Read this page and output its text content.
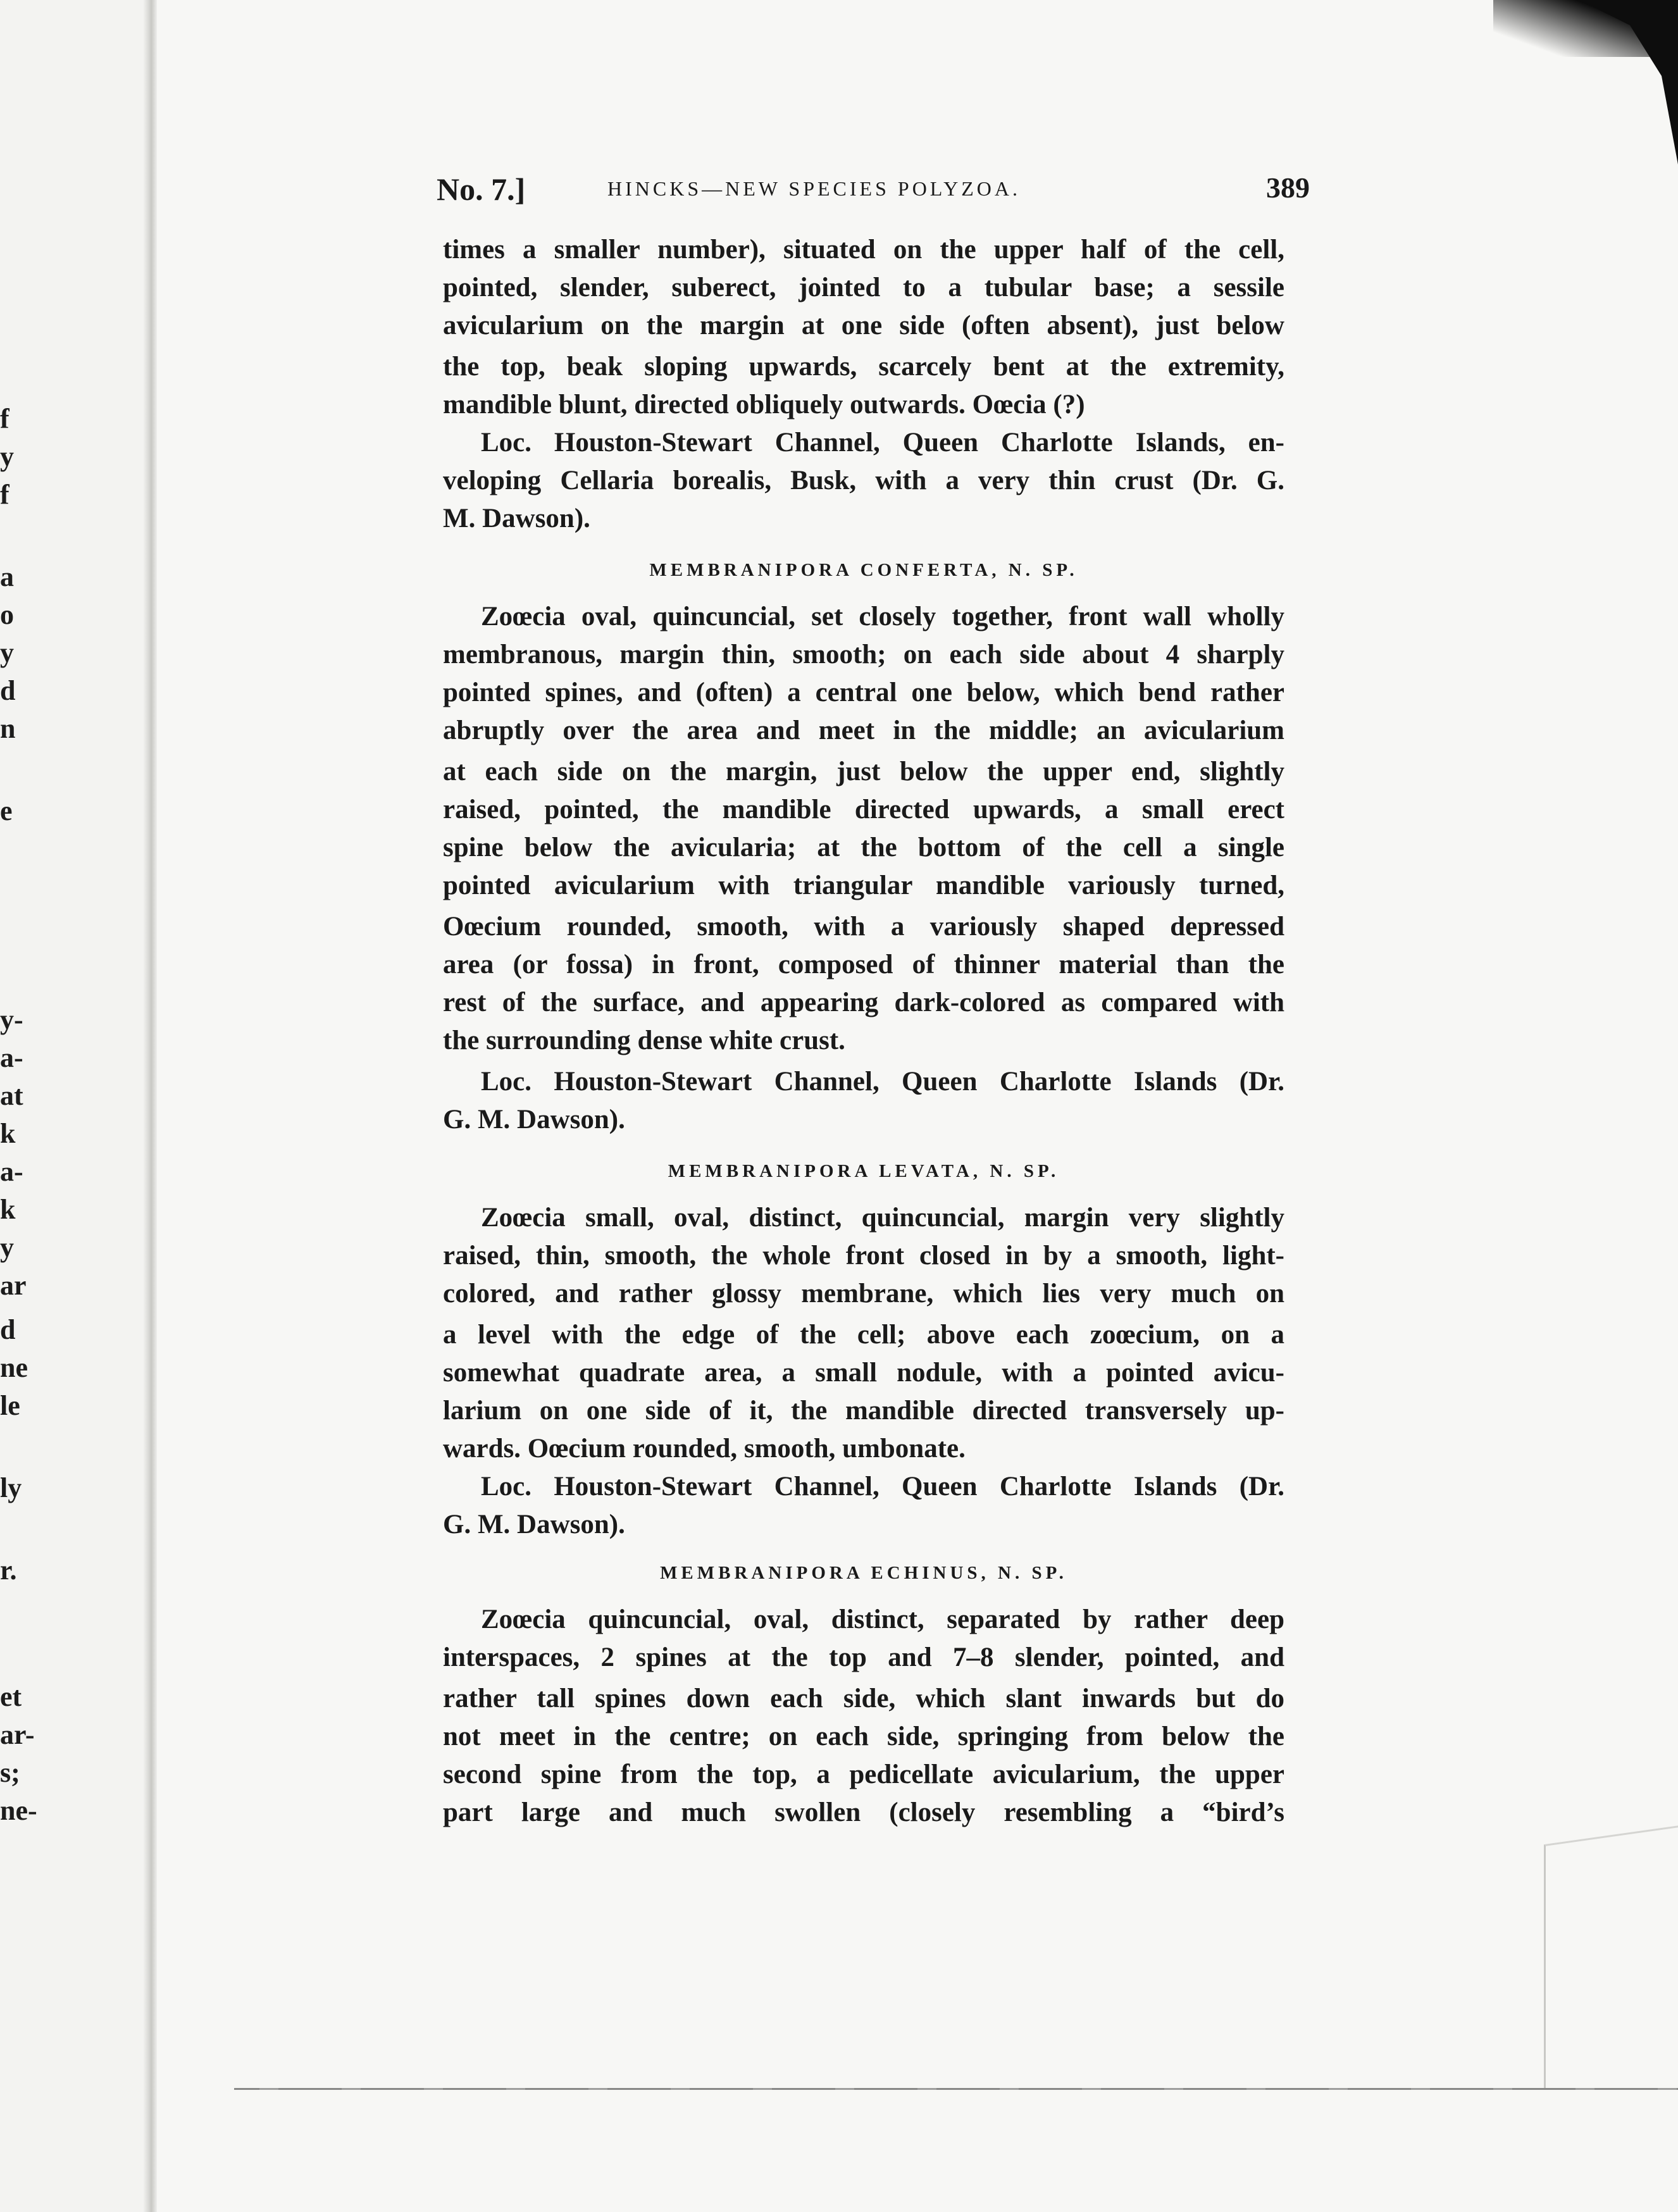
f
y
f
a
o
y
d
n
e
y-
a-
at
k
a-
k
y
ar
d
ne
le
ly
r.
et
ar-
s;
ne-
No. 7.]	HINCKS—NEW SPECIES POLYZOA.	389
times a smaller number), situated on the upper half of the cell,
pointed, slender, suberect, jointed to a tubular base; a sessile
avicularium on the margin at one side (often absent), just below
the top, beak sloping upwards, scarcely bent at the extremity,
mandible blunt, directed obliquely outwards. Oœcia (?)
Loc. Houston-Stewart Channel, Queen Charlotte Islands, en-
veloping Cellaria borealis, Busk, with a very thin crust (Dr. G.
M. Dawson).
MEMBRANIPORA CONFERTA, N. SP.
Zoœcia oval, quincuncial, set closely together, front wall wholly
membranous, margin thin, smooth; on each side about 4 sharply
pointed spines, and (often) a central one below, which bend rather
abruptly over the area and meet in the middle; an avicularium
at each side on the margin, just below the upper end, slightly
raised, pointed, the mandible directed upwards, a small erect
spine below the avicularia; at the bottom of the cell a single
pointed avicularium with triangular mandible variously turned,
Oœcium rounded, smooth, with a variously shaped depressed
area (or fossa) in front, composed of thinner material than the
rest of the surface, and appearing dark-colored as compared with
the surrounding dense white crust.
Loc. Houston-Stewart Channel, Queen Charlotte Islands (Dr.
G. M. Dawson).
MEMBRANIPORA LEVATA, N. SP.
Zoœcia small, oval, distinct, quincuncial, margin very slightly
raised, thin, smooth, the whole front closed in by a smooth, light-
colored, and rather glossy membrane, which lies very much on
a level with the edge of the cell; above each zoœcium, on a
somewhat quadrate area, a small nodule, with a pointed avicu-
larium on one side of it, the mandible directed transversely up-
wards. Oœcium rounded, smooth, umbonate.
Loc. Houston-Stewart Channel, Queen Charlotte Islands (Dr.
G. M. Dawson).
MEMBRANIPORA ECHINUS, N. SP.
Zoœcia quincuncial, oval, distinct, separated by rather deep
interspaces, 2 spines at the top and 7–8 slender, pointed, and
rather tall spines down each side, which slant inwards but do
not meet in the centre; on each side, springing from below the
second spine from the top, a pedicellate avicularium, the upper
part large and much swollen (closely resembling a “bird’s
